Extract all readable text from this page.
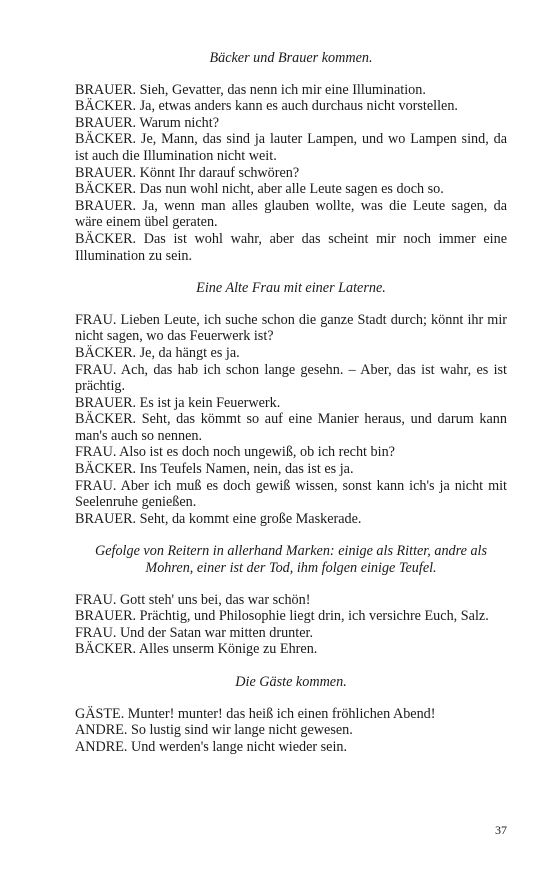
Bäcker und Brauer kommen.

BRAUER. Sieh, Gevatter, das nenn ich mir eine Illumination.

BÄCKER. Ja, etwas anders kann es auch durchaus nicht vorstellen.

BRAUER. Warum nicht?

BÄCKER. Je, Mann, das sind ja lauter Lampen, und wo Lampen sind, da ist auch die Illumination nicht weit.

BRAUER. Könnt Ihr darauf schwören?

BÄCKER. Das nun wohl nicht, aber alle Leute sagen es doch so.

BRAUER. Ja, wenn man alles glauben wollte, was die Leute sagen, da wäre einem übel geraten.

BÄCKER. Das ist wohl wahr, aber das scheint mir noch immer eine Illumination zu sein.

Eine Alte Frau mit einer Laterne.

FRAU. Lieben Leute, ich suche schon die ganze Stadt durch; könnt ihr mir nicht sagen, wo das Feuerwerk ist?

BÄCKER. Je, da hängt es ja.

FRAU. Ach, das hab ich schon lange gesehn. – Aber, das ist wahr, es ist prächtig.

BRAUER. Es ist ja kein Feuerwerk.

BÄCKER. Seht, das kömmt so auf eine Manier heraus, und darum kann man's auch so nennen.

FRAU. Also ist es doch noch ungewiß, ob ich recht bin?

BÄCKER. Ins Teufels Namen, nein, das ist es ja.

FRAU. Aber ich muß es doch gewiß wissen, sonst kann ich's ja nicht mit Seelenruhe genießen.

BRAUER. Seht, da kommt eine große Maskerade.

Gefolge von Reitern in allerhand Marken: einige als Ritter, andre als Mohren, einer ist der Tod, ihm folgen einige Teufel.

FRAU. Gott steh' uns bei, das war schön!

BRAUER. Prächtig, und Philosophie liegt drin, ich versichre Euch, Salz.

FRAU. Und der Satan war mitten drunter.

BÄCKER. Alles unserm Könige zu Ehren.

Die Gäste kommen.

GÄSTE. Munter! munter! das heiß ich einen fröhlichen Abend!

ANDRE. So lustig sind wir lange nicht gewesen.

ANDRE. Und werden's lange nicht wieder sein.

37
